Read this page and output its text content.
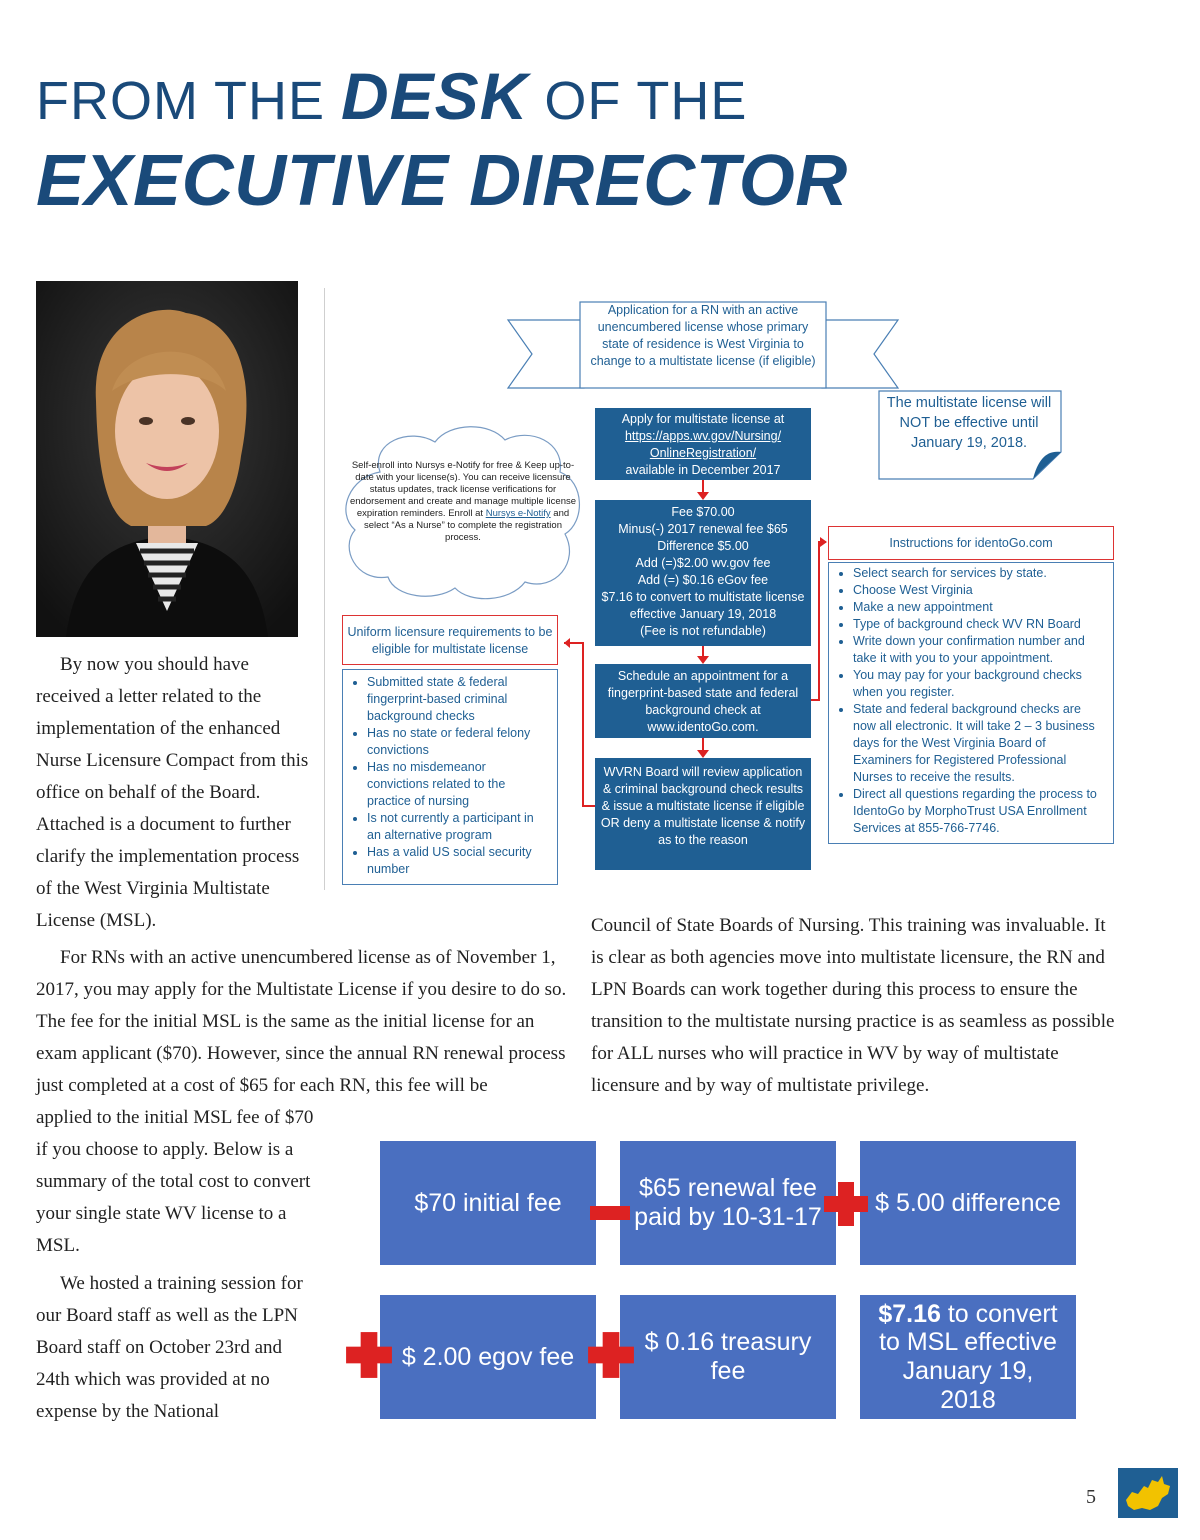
FROM THE DESK OF THE
EXECUTIVE DIRECTOR
Application for a RN with an active unencumbered license whose primary state of residence is West Virginia to change to a multistate license (if eligible)
Apply for multistate license at
https://apps.wv.gov/Nursing/ OnlineRegistration/
available in December 2017
The multistate license will NOT be effective until January 19, 2018.
Self-enroll into Nursys e-Notify for free & Keep up-to-date with your license(s). You can receive licensure status updates, track license verifications for endorsement and create and manage multiple license expiration reminders. Enroll at Nursys e-Notify and select “As a Nurse” to complete the registration process.
Fee $70.00
Minus(-) 2017 renewal fee $65
Difference $5.00
Add (=)$2.00 wv.gov fee
Add (=) $0.16 eGov fee
$7.16 to convert to multistate license effective January 19, 2018
(Fee is not refundable)
Schedule an appointment for a fingerprint-based state and federal background check at www.identoGo.com.
WVRN Board will review application & criminal background check results & issue a multistate license if eligible OR deny a multistate license & notify as to the reason
Uniform licensure requirements to be eligible for multistate license
• Submitted state & federal fingerprint-based criminal background checks
• Has no state or federal felony convictions
• Has no misdemeanor convictions related to the practice of nursing
• Is not currently a participant in an alternative program
• Has a valid US social security number
Instructions for identoGo.com
• Select search for services by state.
• Choose West Virginia
• Make a new appointment
• Type of background check WV RN Board
• Write down your confirmation number and take it with you to your appointment.
• You may pay for your background checks when you register.
• State and federal background checks are now all electronic. It will take 2 – 3 business days for the West Virginia Board of Examiners for Registered Professional Nurses to receive the results.
• Direct all questions regarding the process to IdentoGo by MorphoTrust USA Enrollment Services at 855-766-7746.

By now you should have received a letter related to the implementation of the enhanced Nurse Licensure Compact from this office on behalf of the Board. Attached is a document to further clarify the implementation process of the West Virginia Multistate License (MSL).

For RNs with an active unencumbered license as of November 1, 2017, you may apply for the Multistate License if you desire to do so. The fee for the initial MSL is the same as the initial license for an exam applicant ($70). However, since the annual RN renewal process just completed at a cost of $65 for each RN, this fee will be

applied to the initial MSL fee of $70 if you choose to apply. Below is a summary of the total cost to convert your single state WV license to a MSL.

We hosted a training session for our Board staff as well as the LPN Board staff on October 23rd and 24th which was provided at no expense by the National

Council of State Boards of Nursing. This training was invaluable. It is clear as both agencies move into multistate licensure, the RN and LPN Boards can work together during this process to ensure the transition to the multistate nursing practice is as seamless as possible for ALL nurses who will practice in WV by way of multistate licensure and by way of multistate privilege.

$70 initial fee
$65 renewal fee paid by 10-31-17
$ 5.00 difference
$ 2.00 egov fee
$ 0.16 treasury fee
$7.16 to convert to MSL effective January 19, 2018
5
